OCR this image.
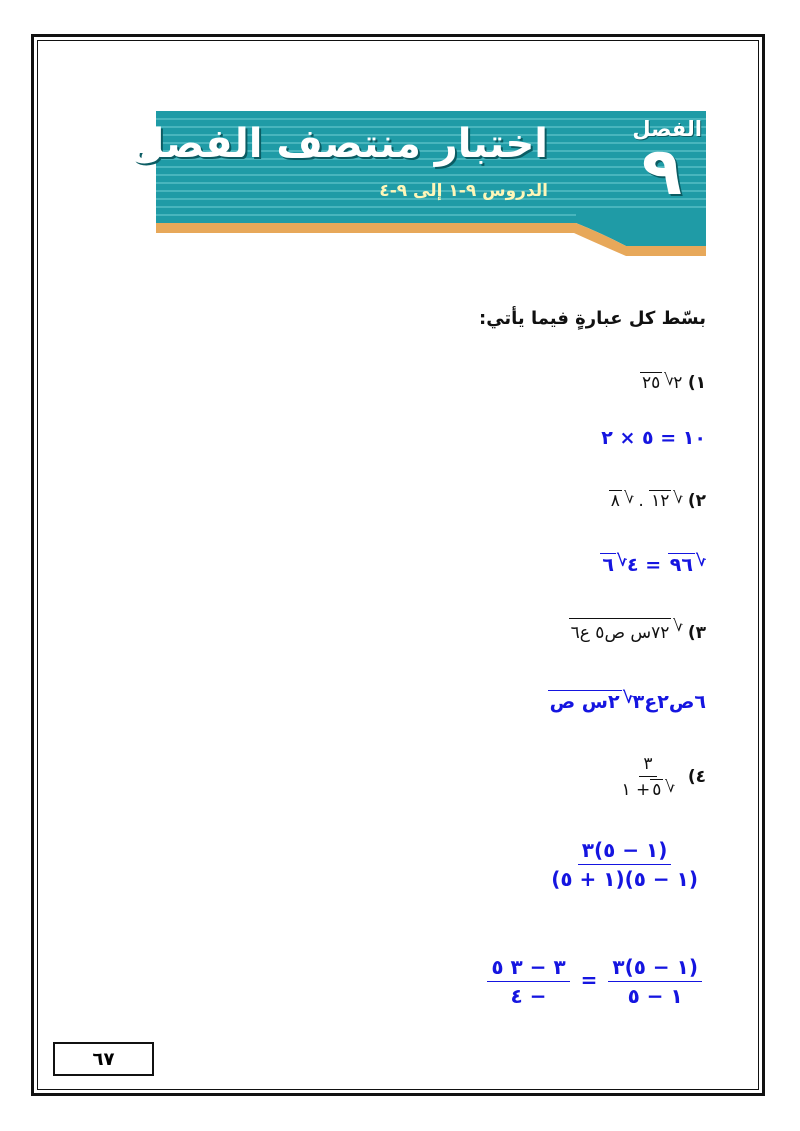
اختبار منتصف الفصل
الدروس ٩-١ إلى ٩-٤
الفصل
٩
بسّط كل عبارةٍ فيما يأتي:
١) ٢√ ٢٥
١٠ = ٥ × ٢
٢) √ ١٢ . √ ٨
√ ٩٦ = ٤√ ٦
٣) √ ٧٢س ص٥ ع٦
٦ص٢ع٣√ ٢س ص
٤)
٣
√ ٥+ ١
$\frac{(١ - ٥)٣}{(١ - ٥)(١ + ٥)}$
$\frac{(١ - ٥)٣}{١ - ٥}$
=
$\frac{٣ - ٣ ٥}{- ٤}$
٦٧
